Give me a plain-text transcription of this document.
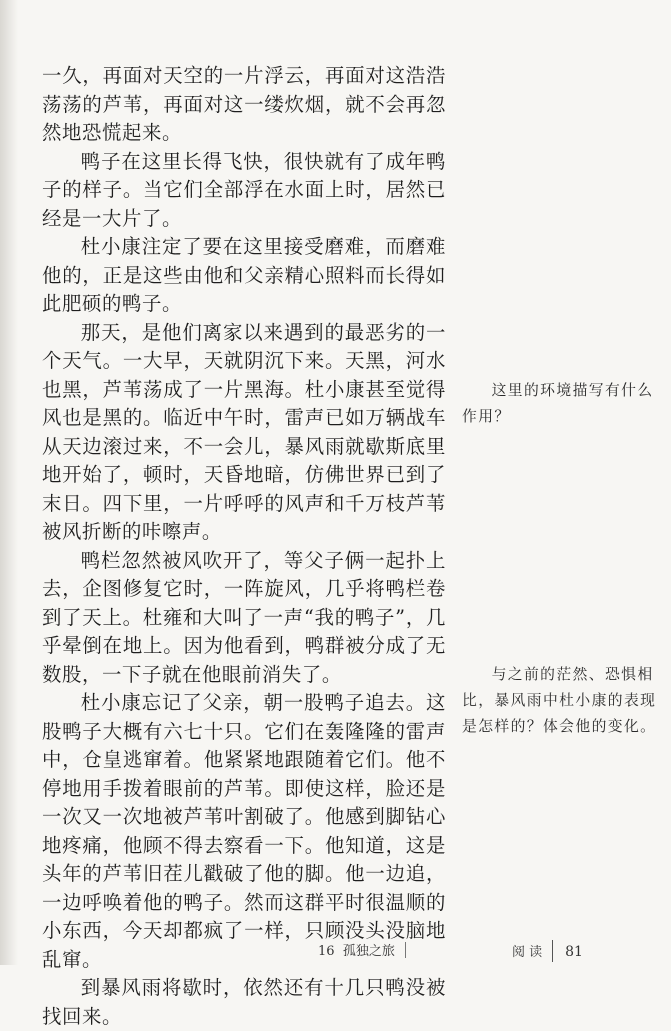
一久，再面对天空的一片浮云，再面对这浩浩荡荡的芦苇，再面对这一缕炊烟，就不会再忽然地恐慌起来。

鸭子在这里长得飞快，很快就有了成年鸭子的样子。当它们全部浮在水面上时，居然已经是一大片了。

杜小康注定了要在这里接受磨难，而磨难他的，正是这些由他和父亲精心照料而长得如此肥硕的鸭子。

那天，是他们离家以来遇到的最恶劣的一个天气。一大早，天就阴沉下来。天黑，河水也黑，芦苇荡成了一片黑海。杜小康甚至觉得风也是黑的。临近中午时，雷声已如万辆战车从天边滚过来，不一会儿，暴风雨就歇斯底里地开始了，顿时，天昏地暗，仿佛世界已到了末日。四下里，一片呼呼的风声和千万枝芦苇被风折断的咔嚓声。

鸭栏忽然被风吹开了，等父子俩一起扑上去，企图修复它时，一阵旋风，几乎将鸭栏卷到了天上。杜雍和大叫了一声“我的鸭子”，几乎晕倒在地上。因为他看到，鸭群被分成了无数股，一下子就在他眼前消失了。

杜小康忘记了父亲，朝一股鸭子追去。这股鸭子大概有六七十只。它们在轰隆隆的雷声中，仓皇逃窜着。他紧紧地跟随着它们。他不停地用手拨着眼前的芦苇。即使这样，脸还是一次又一次地被芦苇叶割破了。他感到脚钻心地疼痛，他顾不得去察看一下。他知道，这是头年的芦苇旧茬儿戳破了他的脚。他一边追，一边呼唤着他的鸭子。然而这群平时很温顺的小东西，今天却都疯了一样，只顾没头没脑地乱窜。

到暴风雨将歇时，依然还有十几只鸭没被找回来。

这里的环境描写有什么作用？

与之前的茫然、恐惧相比，暴风雨中杜小康的表现是怎样的？体会他的变化。

16 孤独之旅	阅 读 81
